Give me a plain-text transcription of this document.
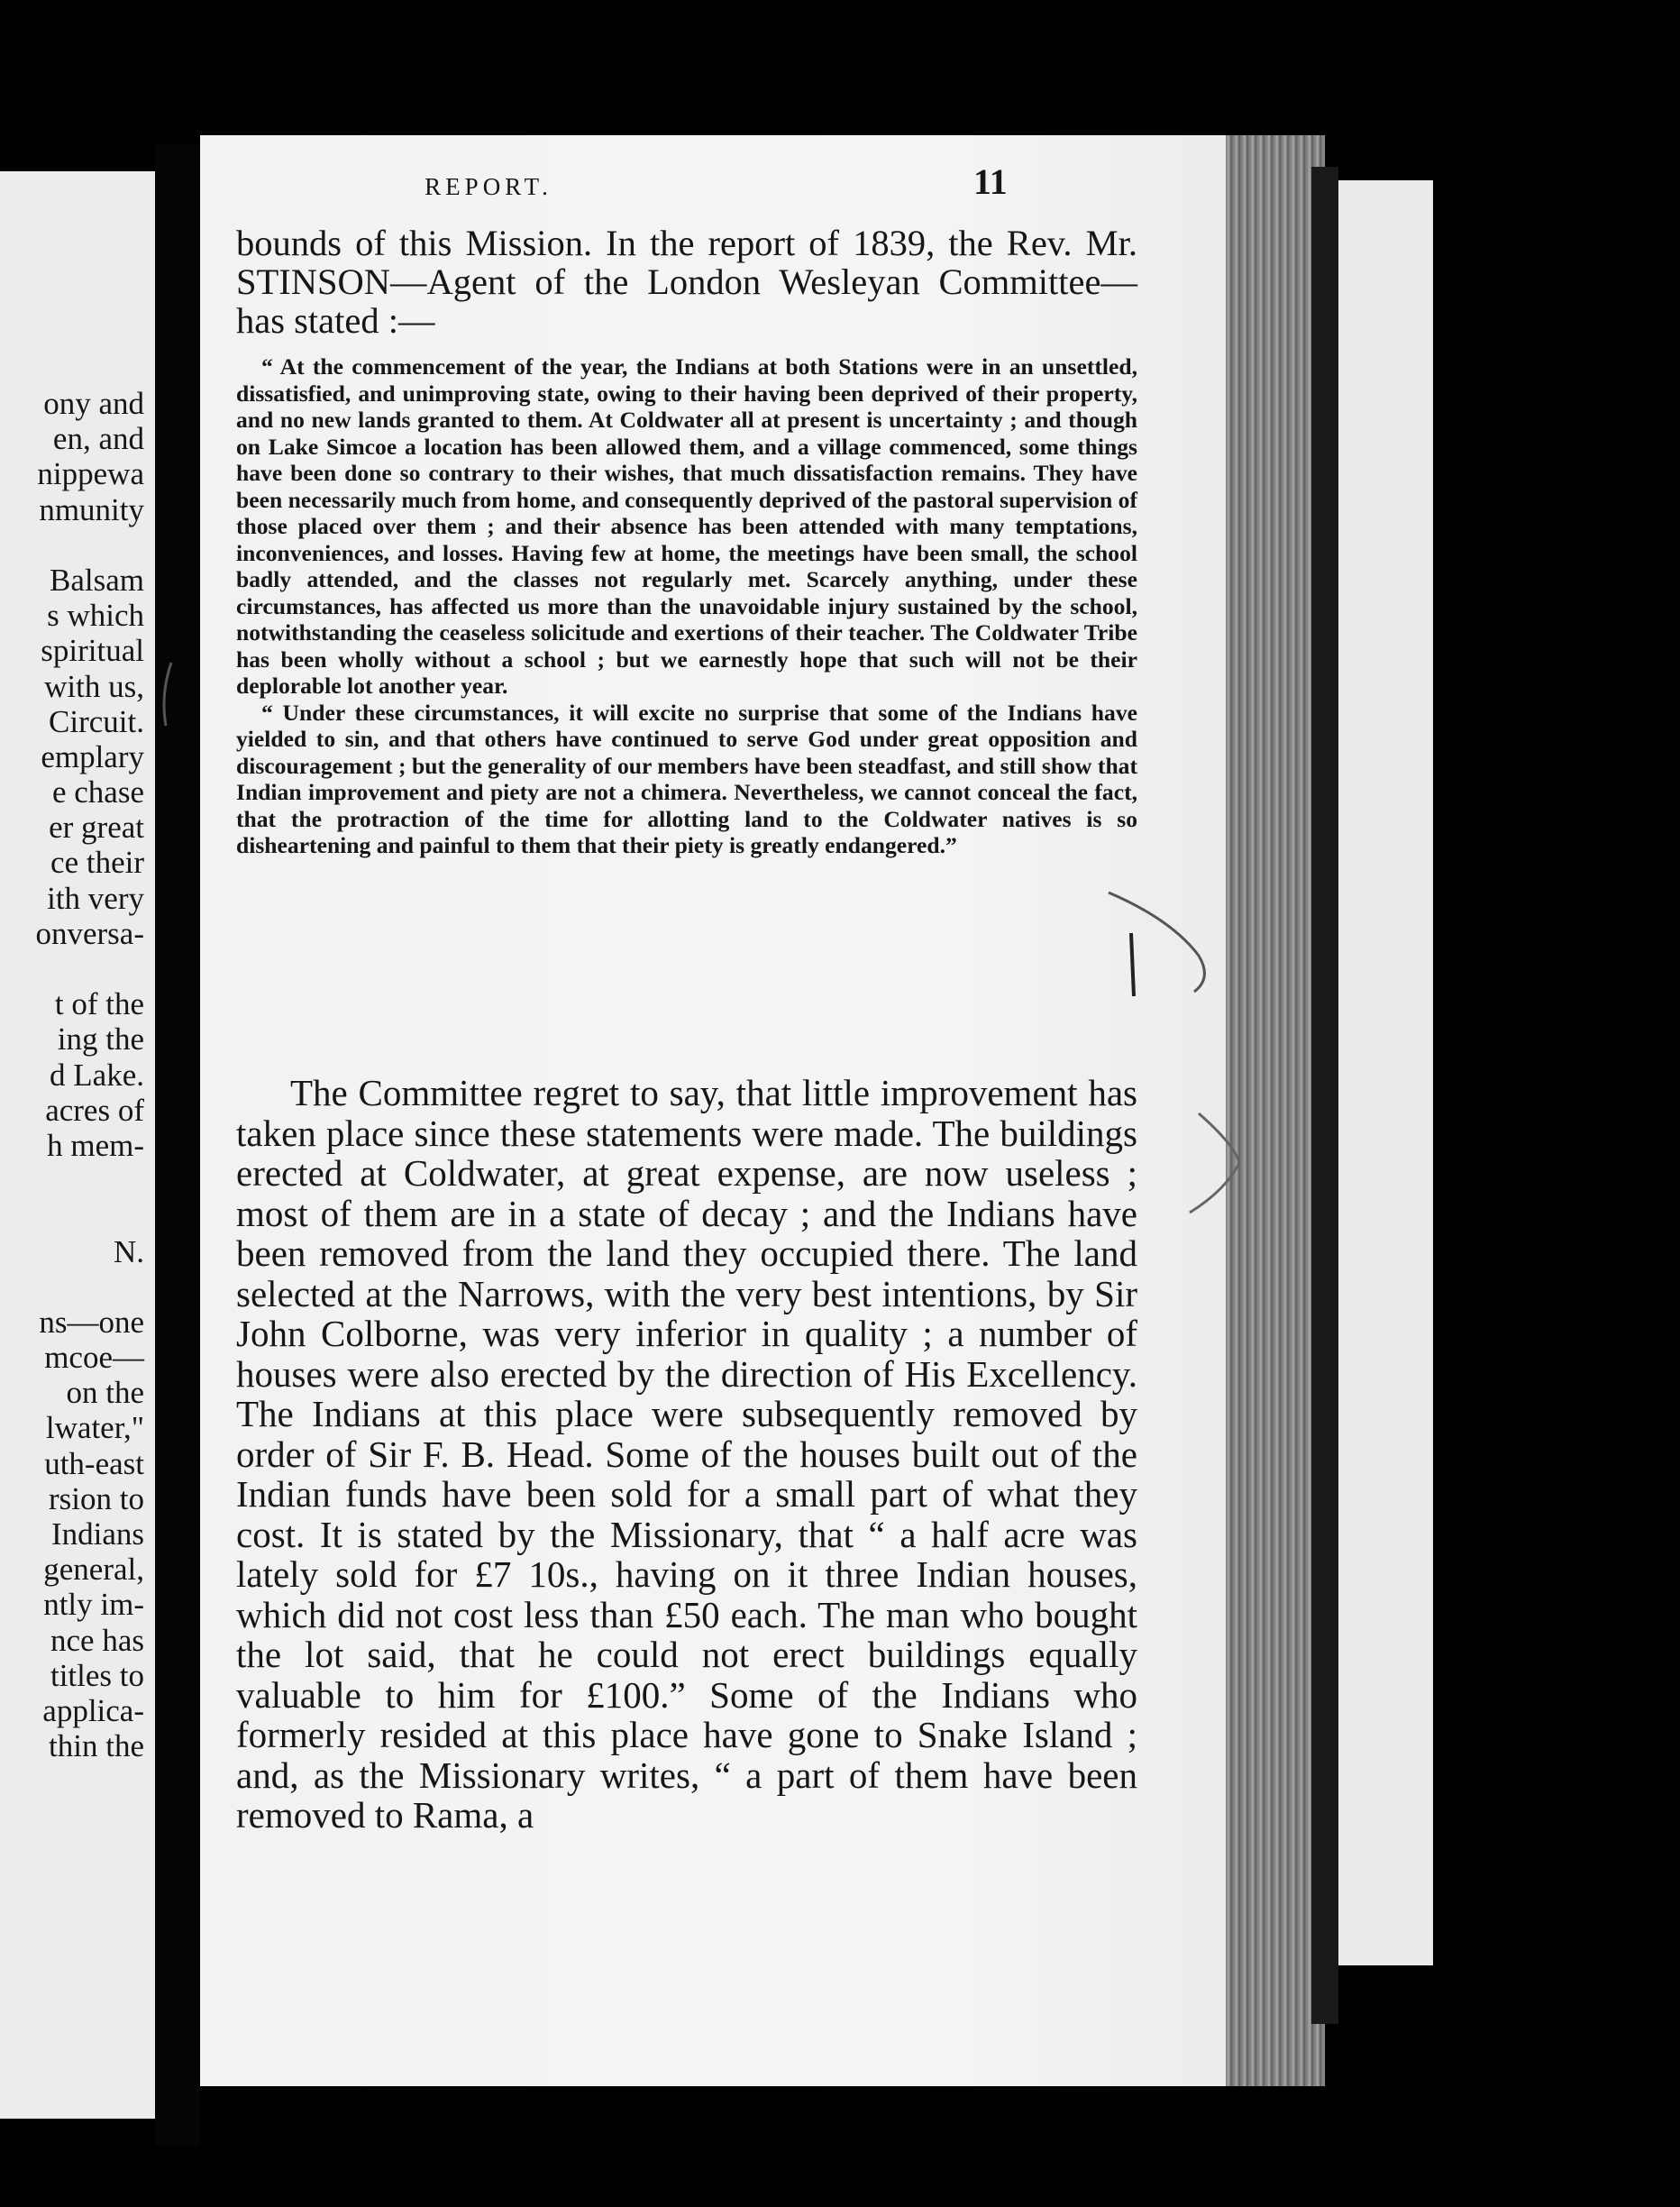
ony and
en, and
nippewa
nmunity
Balsam
s which
spiritual
with us,
Circuit.
emplary
e chase
er great
ce their
ith very
onversa-
t of the
ing the
d Lake.
acres of
h mem-
N.
ns—one
mcoe—
on the
lwater,"
uth-east
rsion to
Indians
general,
ntly im-
nce has
titles to
applica-
thin the
REPORT.	11

bounds of this Mission. In the report of 1839, the Rev. Mr. STINSON—Agent of the London Wesleyan Committee—has stated :—

“ At the commencement of the year, the Indians at both Stations were in an unsettled, dissatisfied, and unimproving state, owing to their having been deprived of their property, and no new lands granted to them. At Coldwater all at present is uncertainty ; and though on Lake Simcoe a location has been allowed them, and a village commenced, some things have been done so contrary to their wishes, that much dissatisfaction remains. They have been necessarily much from home, and consequently deprived of the pastoral supervision of those placed over them ; and their absence has been attended with many temptations, inconveniences, and losses. Having few at home, the meetings have been small, the school badly attended, and the classes not regularly met. Scarcely anything, under these circumstances, has affected us more than the unavoidable injury sustained by the school, notwithstanding the ceaseless solicitude and exertions of their teacher. The Coldwater Tribe has been wholly without a school ; but we earnestly hope that such will not be their deplorable lot another year.

“ Under these circumstances, it will excite no surprise that some of the Indians have yielded to sin, and that others have continued to serve God under great opposition and discouragement ; but the generality of our members have been steadfast, and still show that Indian improvement and piety are not a chimera. Nevertheless, we cannot conceal the fact, that the protraction of the time for allotting land to the Coldwater natives is so disheartening and painful to them that their piety is greatly endangered.”

The Committee regret to say, that little improvement has taken place since these statements were made. The buildings erected at Coldwater, at great expense, are now useless ; most of them are in a state of decay ; and the Indians have been removed from the land they occupied there. The land selected at the Narrows, with the very best intentions, by Sir John Colborne, was very inferior in quality ; a number of houses were also erected by the direction of His Excellency. The Indians at this place were subsequently removed by order of Sir F. B. Head. Some of the houses built out of the Indian funds have been sold for a small part of what they cost. It is stated by the Missionary, that “ a half acre was lately sold for £7 10s., having on it three Indian houses, which did not cost less than £50 each. The man who bought the lot said, that he could not erect buildings equally valuable to him for £100.” Some of the Indians who formerly resided at this place have gone to Snake Island ; and, as the Missionary writes, “ a part of them have been removed to Rama, a
